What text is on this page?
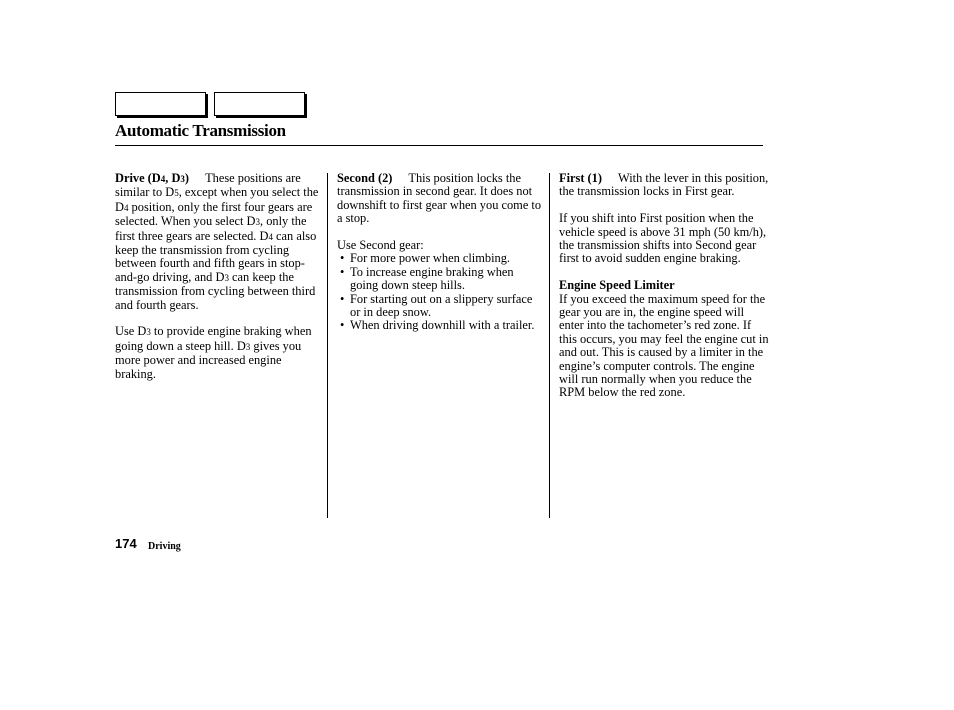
Automatic Transmission

Drive (D4, D3) These positions are similar to D5, except when you select the D4 position, only the first four gears are selected. When you select D3, only the first three gears are selected. D4 can also keep the transmission from cycling between fourth and fifth gears in stop-and-go driving, and D3 can keep the transmission from cycling between third and fourth gears.

Use D3 to provide engine braking when going down a steep hill. D3 gives you more power and increased engine braking.

Second (2) This position locks the transmission in second gear. It does not downshift to first gear when you come to a stop.

Use Second gear:

• For more power when climbing.
• To increase engine braking when going down steep hills.
• For starting out on a slippery surface or in deep snow.
• When driving downhill with a trailer.

First (1) With the lever in this position, the transmission locks in First gear.

If you shift into First position when the vehicle speed is above 31 mph (50 km/h), the transmission shifts into Second gear first to avoid sudden engine braking.

Engine Speed Limiter

If you exceed the maximum speed for the gear you are in, the engine speed will enter into the tachometer’s red zone. If this occurs, you may feel the engine cut in and out. This is caused by a limiter in the engine’s computer controls. The engine will run normally when you reduce the RPM below the red zone.

174 Driving
